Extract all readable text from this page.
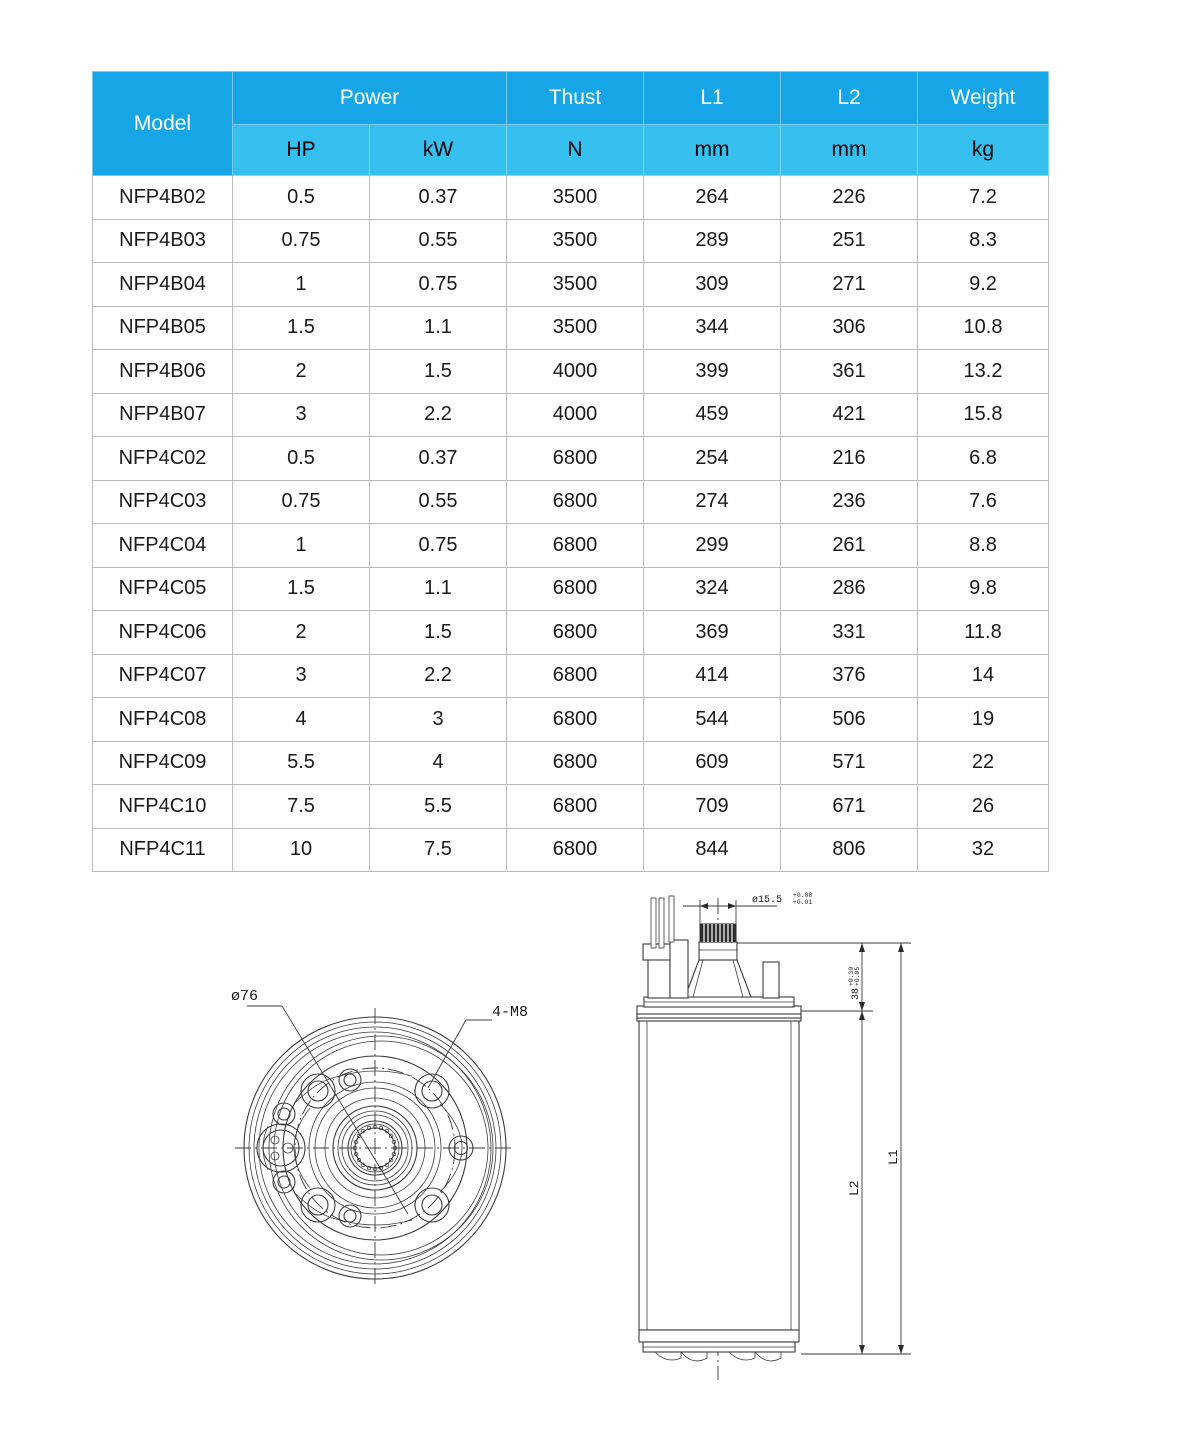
Model	Power		Thust	L1	L2	Weight
	HP	kW	N	mm	mm	kg
NFP4B02	0.5	0.37	3500	264	226	7.2
NFP4B03	0.75	0.55	3500	289	251	8.3
NFP4B04	1	0.75	3500	309	271	9.2
NFP4B05	1.5	1.1	3500	344	306	10.8
NFP4B06	2	1.5	4000	399	361	13.2
NFP4B07	3	2.2	4000	459	421	15.8
NFP4C02	0.5	0.37	6800	254	216	6.8
NFP4C03	0.75	0.55	6800	274	236	7.6
NFP4C04	1	0.75	6800	299	261	8.8
NFP4C05	1.5	1.1	6800	324	286	9.8
NFP4C06	2	1.5	6800	369	331	11.8
NFP4C07	3	2.2	6800	414	376	14
NFP4C08	4	3	6800	544	506	19
NFP4C09	5.5	4	6800	609	571	22
NFP4C10	7.5	5.5	6800	709	671	26
NFP4C11	10	7.5	6800	844	806	32
ø76
4-M8
ø15.5 +0.08
+0.01
38
+0.30 +0.05
L2
L1
